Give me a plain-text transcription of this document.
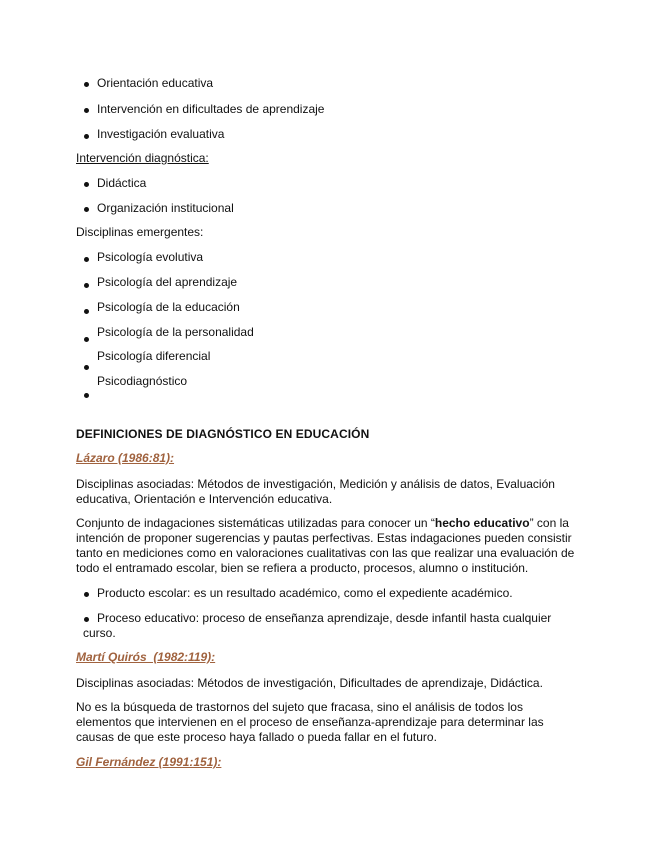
Orientación educativa
Intervención en dificultades de aprendizaje
Investigación evaluativa
Intervención diagnóstica:
Didáctica
Organización institucional
Disciplinas emergentes:
Psicología evolutiva
Psicología del aprendizaje
Psicología de la educación
Psicología de la personalidad
Psicología diferencial
Psicodiagnóstico
DEFINICIONES DE DIAGNÓSTICO EN EDUCACIÓN
Lázaro (1986:81):
Disciplinas asociadas: Métodos de investigación, Medición y análisis de datos, Evaluación educativa, Orientación e Intervención educativa.
Conjunto de indagaciones sistemáticas utilizadas para conocer un “hecho educativo” con la intención de proponer sugerencias y pautas perfectivas. Estas indagaciones pueden consistir tanto en mediciones como en valoraciones cualitativas con las que realizar una evaluación de todo el entramado escolar, bien se refiera a producto, procesos, alumno o institución.
Producto escolar: es un resultado académico, como el expediente académico.
Proceso educativo: proceso de enseñanza aprendizaje, desde infantil hasta cualquier curso.
Martí Quirós  (1982:119):
Disciplinas asociadas: Métodos de investigación, Dificultades de aprendizaje, Didáctica.
No es la búsqueda de trastornos del sujeto que fracasa, sino el análisis de todos los elementos que intervienen en el proceso de enseñanza-aprendizaje para determinar las causas de que este proceso haya fallado o pueda fallar en el futuro.
Gil Fernández (1991:151):
